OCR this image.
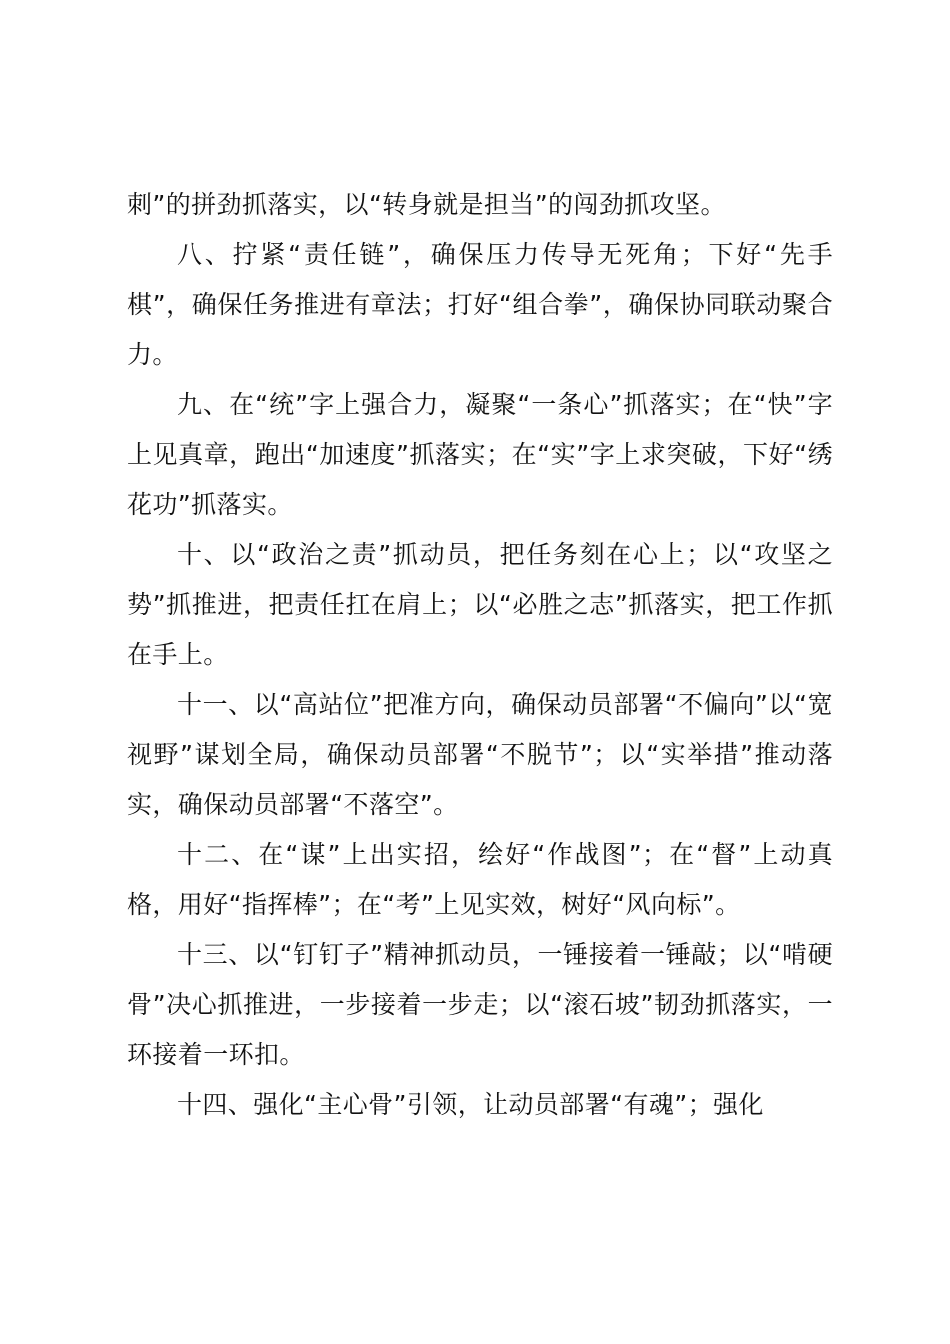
刺”的拼劲抓落实，以“转身就是担当”的闯劲抓攻坚。

八、拧紧“责任链”，确保压力传导无死角；下好“先手棋”，确保任务推进有章法；打好“组合拳”，确保协同联动聚合力。

九、在“统”字上强合力，凝聚“一条心”抓落实；在“快”字上见真章，跑出“加速度”抓落实；在“实”字上求突破，下好“绣花功”抓落实。

十、以“政治之责”抓动员，把任务刻在心上；以“攻坚之势”抓推进，把责任扛在肩上；以“必胜之志”抓落实，把工作抓在手上。

十一、以“高站位”把准方向，确保动员部署“不偏向”以“宽视野”谋划全局，确保动员部署“不脱节”；以“实举措”推动落实，确保动员部署“不落空”。

十二、在“谋”上出实招，绘好“作战图”；在“督”上动真格，用好“指挥棒”；在“考”上见实效，树好“风向标”。

十三、以“钉钉子”精神抓动员，一锤接着一锤敲；以“啃硬骨”决心抓推进，一步接着一步走；以“滚石坡”韧劲抓落实，一环接着一环扣。

十四、强化“主心骨”引领，让动员部署“有魂”；强化
